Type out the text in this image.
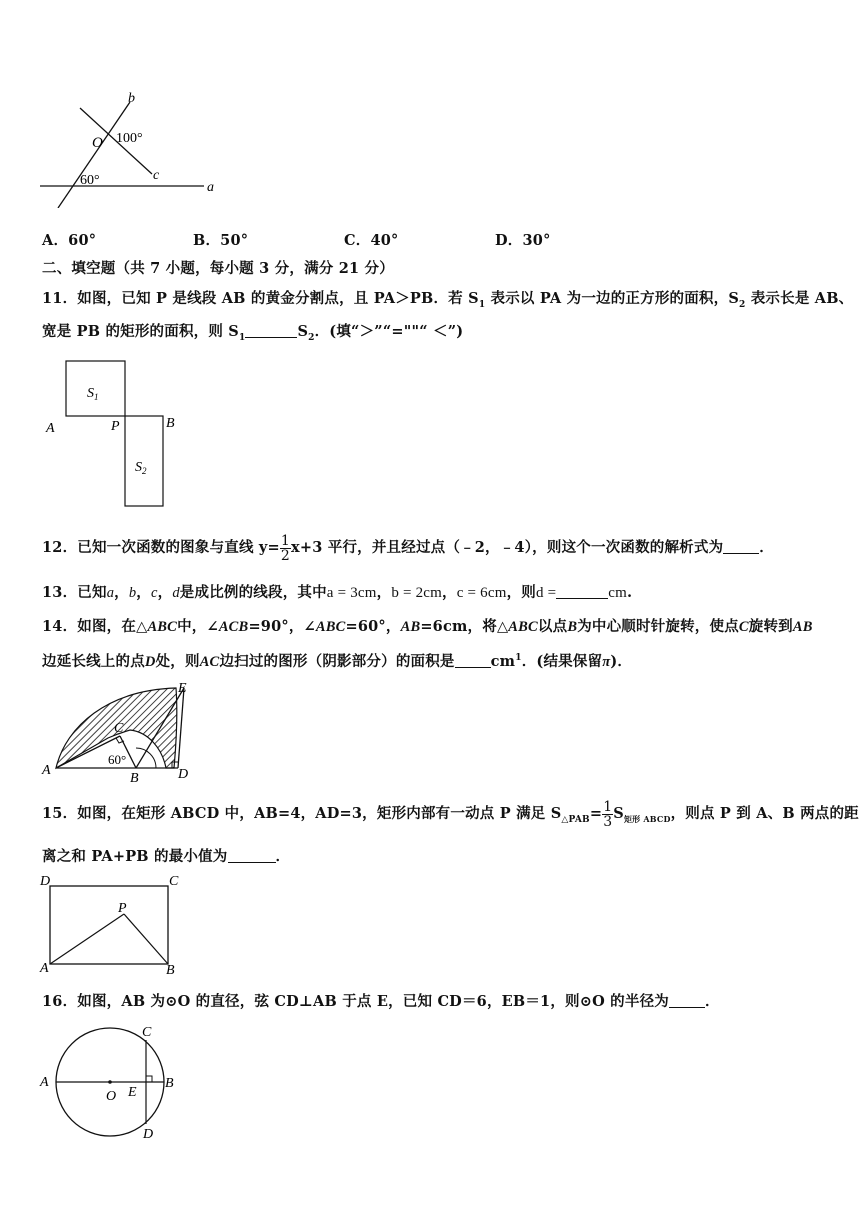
b
O 100°
c
60°	a
A．60°	B．50°	C．40°	D．30°
二、填空题（共 7 小题，每小题 3 分，满分 21 分）
11．如图，已知 P 是线段 AB 的黄金分割点，且 PA＞PB．若 $S_1$ 表示以 PA 为一边的正方形的面积，$S_2$ 表示长是 AB、
宽是 PB 的矩形的面积，则 $S_1$	$S_2$．(填“＞”“=""“ ＜”)
$S_1$
$S_2$
A	P	B
12．已知一次函数的图象与直线 $y= \frac{1}{2} x+3$ 平行，并且经过点（﹣2，﹣4），则这个一次函数的解析式为 ．
13．已知a，b，c，d是成比例的线段，其中a = 3cm，b = 2cm，c = 6cm，则d =	cm.
14．如图，在△ABC中，∠ACB=90°，∠ABC=60°，AB=6cm，将△ABC以点B为中心顺时针旋转，使点C旋转到AB
边延长线上的点D处，则AC边扫过的图形（阴影部分）的面积是 $cm^1$．(结果保留π)．
E
C
A
60°
B	D
15．如图，在矩形 ABCD 中，AB=4，AD=3，矩形内部有一动点 P 满足 $S_{\triangle PAB}= \frac{1}{3} S_{矩形 ABCD}$，则点 P 到 A、B 两点的距
离之和 PA+PB 的最小值为	．
D	C
P
A	B
16．如图，AB 为⊙O 的直径，弦 CD⊥AB 于点 E，已知 CD＝6，EB＝1，则⊙O 的半径为 ．
C
A
O E
B
D
